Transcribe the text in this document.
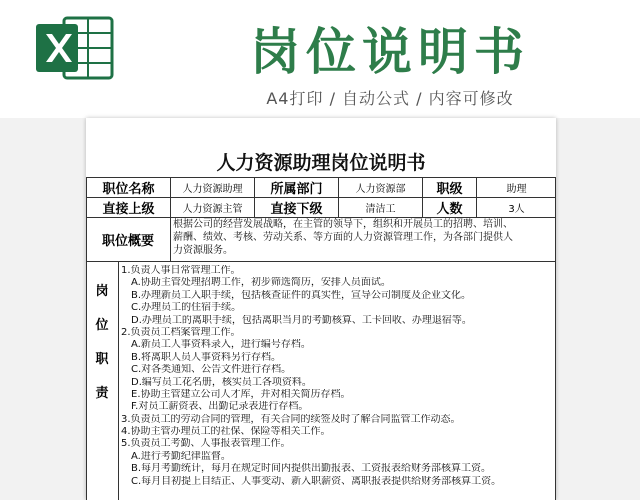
岗位说明书
A4打印 / 自动公式 / 内容可修改
人力资源助理岗位说明书
职位名称	人力资源助理	所属部门	人力资源部	职级	助理
直接上级	人力资源主管	直接下级	清洁工	人数	3人
职位概要
根据公司的经营发展战略，在主管的领导下，组织和开展员工的招聘、培训、
薪酬、绩效、考核、劳动关系、等方面的人力资源管理工作，为各部门提供人
力资源服务。
岗
位
职
责
1.负责人事日常管理工作。
A.协助主管处理招聘工作，初步筛选简历，安排人员面试。
B.办理新员工入职手续，包括核查证件的真实性，宣导公司制度及企业文化。
C.办理员工的住宿手续。
D.办理员工的离职手续，包括离职当月的考勤核算、工卡回收、办理退宿等。
2.负责员工档案管理工作。
A.新员工人事资料录入，进行编号存档。
B.将离职人员人事资料另行存档。
C.对各类通知、公告文件进行存档。
D.编写员工花名册，核实员工各项资料。
E.协助主管建立公司人才库，并对相关简历存档。
F.对员工薪资表、出勤记录表进行存档。
3.负责员工的劳动合同的管理，有关合同的续签及时了解合同监管工作动态。
4.协助主管办理员工的社保、保险等相关工作。
5.负责员工考勤、人事报表管理工作。
A.进行考勤纪律监督。
B.每月考勤统计，每月在规定时间内提供出勤报表、工资报表给财务部核算工资。
C.每月目初提上目结正、人事变动、新入职薪资、离职报表提供给财务部核算工资。
